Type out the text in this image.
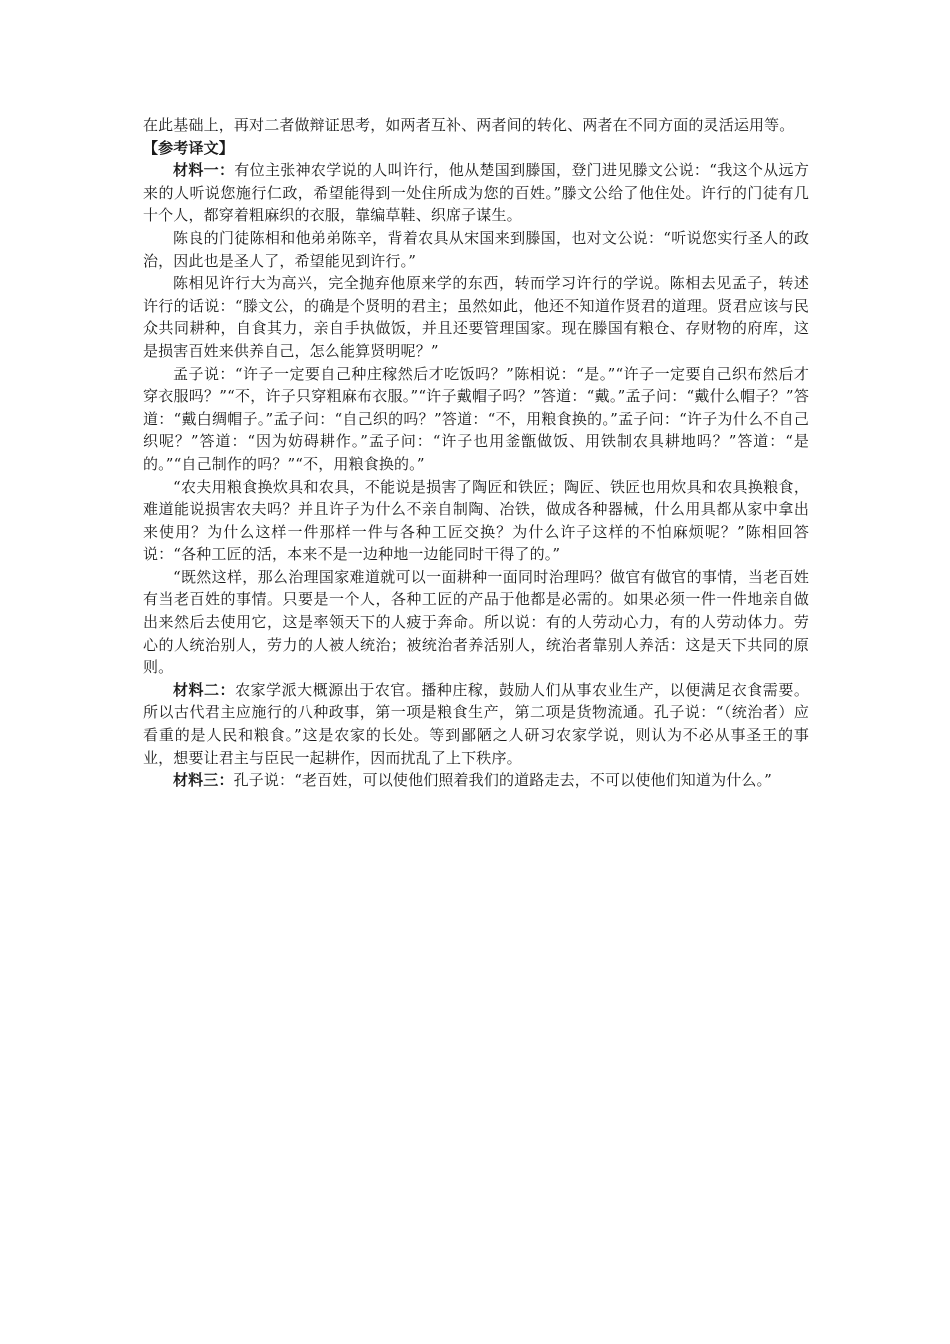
在此基础上，再对二者做辩证思考，如两者互补、两者间的转化、两者在不同方面的灵活运用等。

【参考译文】

材料一：有位主张神农学说的人叫许行，他从楚国到滕国，登门进见滕文公说：“我这个从远方来的人听说您施行仁政，希望能得到一处住所成为您的百姓。”滕文公给了他住处。许行的门徒有几十个人，都穿着粗麻织的衣服，靠编草鞋、织席子谋生。

陈良的门徒陈相和他弟弟陈辛，背着农具从宋国来到滕国，也对文公说：“听说您实行圣人的政治，因此也是圣人了，希望能见到许行。”

陈相见许行大为高兴，完全抛弃他原来学的东西，转而学习许行的学说。陈相去见孟子，转述许行的话说：“滕文公，的确是个贤明的君主；虽然如此，他还不知道作贤君的道理。贤君应该与民众共同耕种，自食其力，亲自手执做饭，并且还要管理国家。现在滕国有粮仓、存财物的府库，这是损害百姓来供养自己，怎么能算贤明呢？”

孟子说：“许子一定要自己种庄稼然后才吃饭吗？”陈相说：“是。”“许子一定要自己织布然后才穿衣服吗？”“不，许子只穿粗麻布衣服。”“许子戴帽子吗？”答道：“戴。”孟子问：“戴什么帽子？”答道：“戴白绸帽子。”孟子问：“自己织的吗？”答道：“不，用粮食换的。”孟子问：“许子为什么不自己织呢？”答道：“因为妨碍耕作。”孟子问：“许子也用釜甑做饭、用铁制农具耕地吗？”答道：“是的。”“自己制作的吗？”“不，用粮食换的。”

“农夫用粮食换炊具和农具，不能说是损害了陶匠和铁匠；陶匠、铁匠也用炊具和农具换粮食，难道能说损害农夫吗？并且许子为什么不亲自制陶、冶铁，做成各种器械，什么用具都从家中拿出来使用？为什么这样一件那样一件与各种工匠交换？为什么许子这样的不怕麻烦呢？”陈相回答说：“各种工匠的活，本来不是一边种地一边能同时干得了的。”

“既然这样，那么治理国家难道就可以一面耕种一面同时治理吗？做官有做官的事情，当老百姓有当老百姓的事情。只要是一个人，各种工匠的产品于他都是必需的。如果必须一件一件地亲自做出来然后去使用它，这是率领天下的人疲于奔命。所以说：有的人劳动心力，有的人劳动体力。劳心的人统治别人，劳力的人被人统治；被统治者养活别人，统治者靠别人养活：这是天下共同的原则。

材料二：农家学派大概源出于农官。播种庄稼，鼓励人们从事农业生产，以便满足衣食需要。所以古代君主应施行的八种政事，第一项是粮食生产，第二项是货物流通。孔子说：“（统治者）应看重的是人民和粮食。”这是农家的长处。等到鄙陋之人研习农家学说，则认为不必从事圣王的事业，想要让君主与臣民一起耕作，因而扰乱了上下秩序。

材料三：孔子说：“老百姓，可以使他们照着我们的道路走去，不可以使他们知道为什么。”
